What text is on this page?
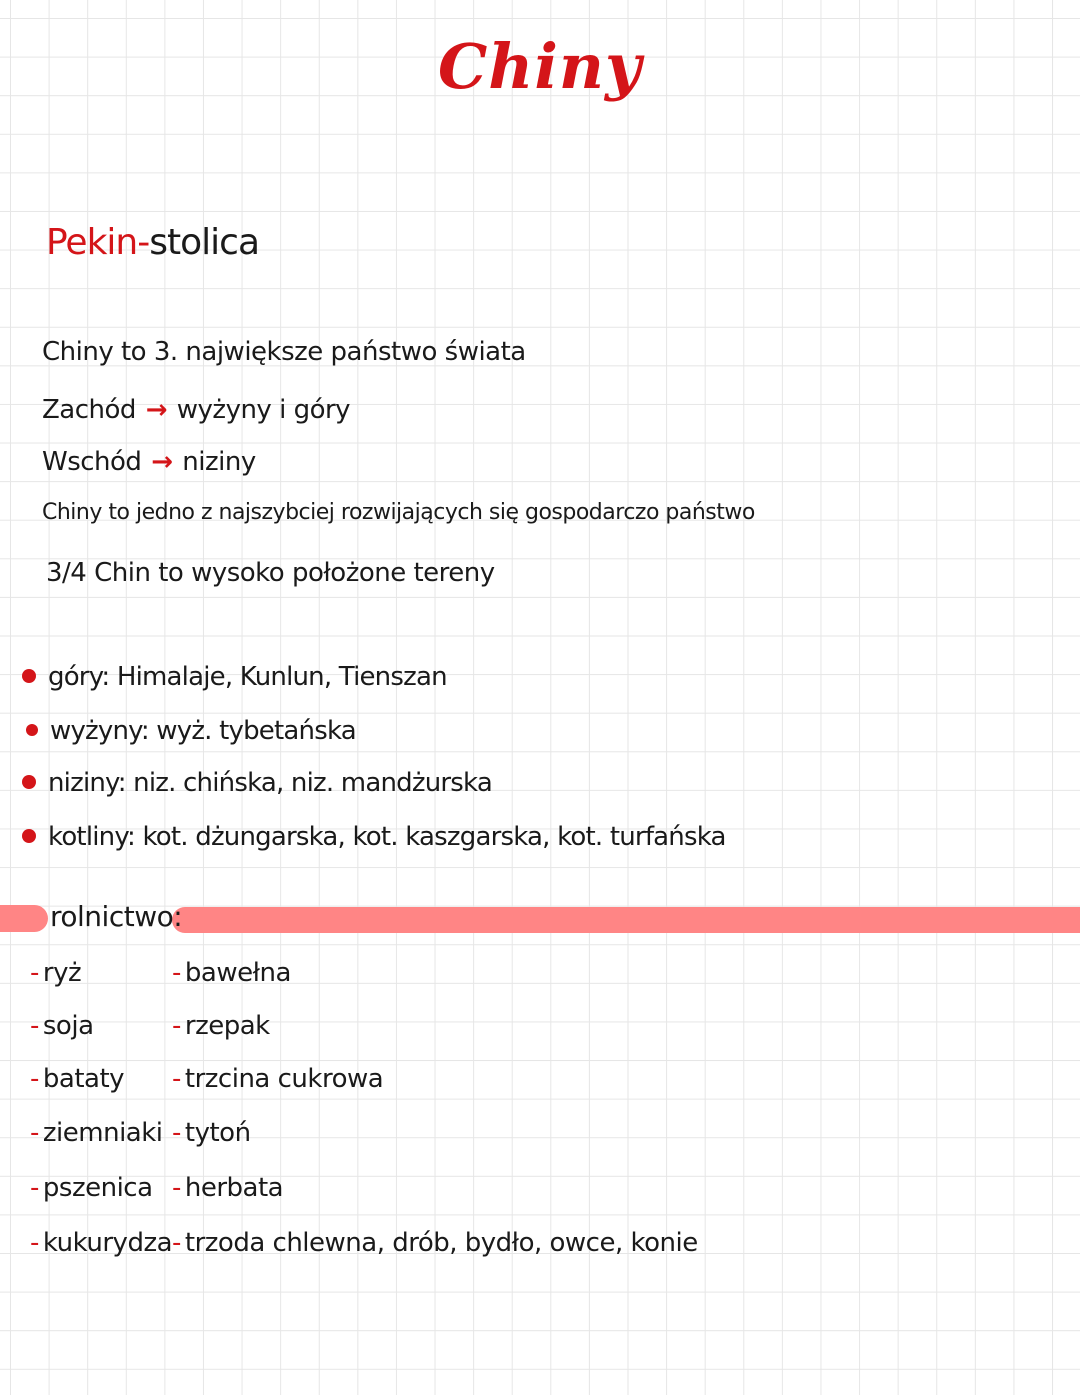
Chiny
Pekin-stolica
Chiny to 3. największe państwo świata
Zachód → wyżyny i góry
Wschód → niziny
Chiny to jedno z najszybciej rozwijających się gospodarczo państwo
3/4 Chin to wysoko położone tereny
góry: Himalaje, Kunlun, Tienszan
wyżyny: wyż. tybetańska
niziny: niz. chińska, niz. mandżurska
kotliny: kot. dżungarska, kot. kaszgarska, kot. turfańska
rolnictwo:
- ryż
- soja
- bataty
- ziemniaki
- pszenica
- kukurydza
- bawełna
- rzepak
- trzcina cukrowa
- tytoń
- herbata
- trzoda chlewna, drób, bydło, owce, konie
